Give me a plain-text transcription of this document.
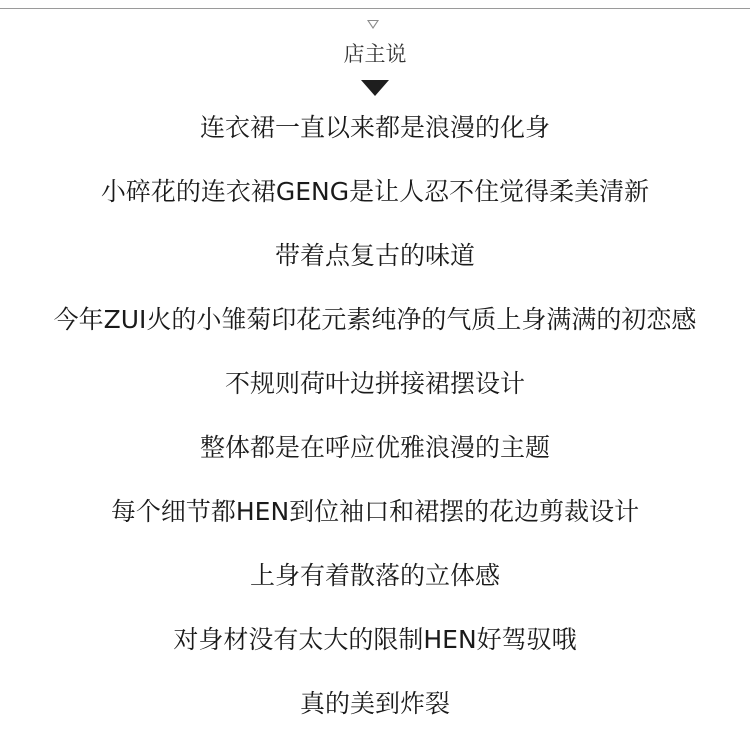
店主说
连衣裙一直以来都是浪漫的化身
小碎花的连衣裙GENG是让人忍不住觉得柔美清新
带着点复古的味道
今年ZUI火的小雏菊印花元素纯净的气质上身满满的初恋感
不规则荷叶边拼接裙摆设计
整体都是在呼应优雅浪漫的主题
每个细节都HEN到位袖口和裙摆的花边剪裁设计
上身有着散落的立体感
对身材没有太大的限制HEN好驾驭哦
真的美到炸裂
